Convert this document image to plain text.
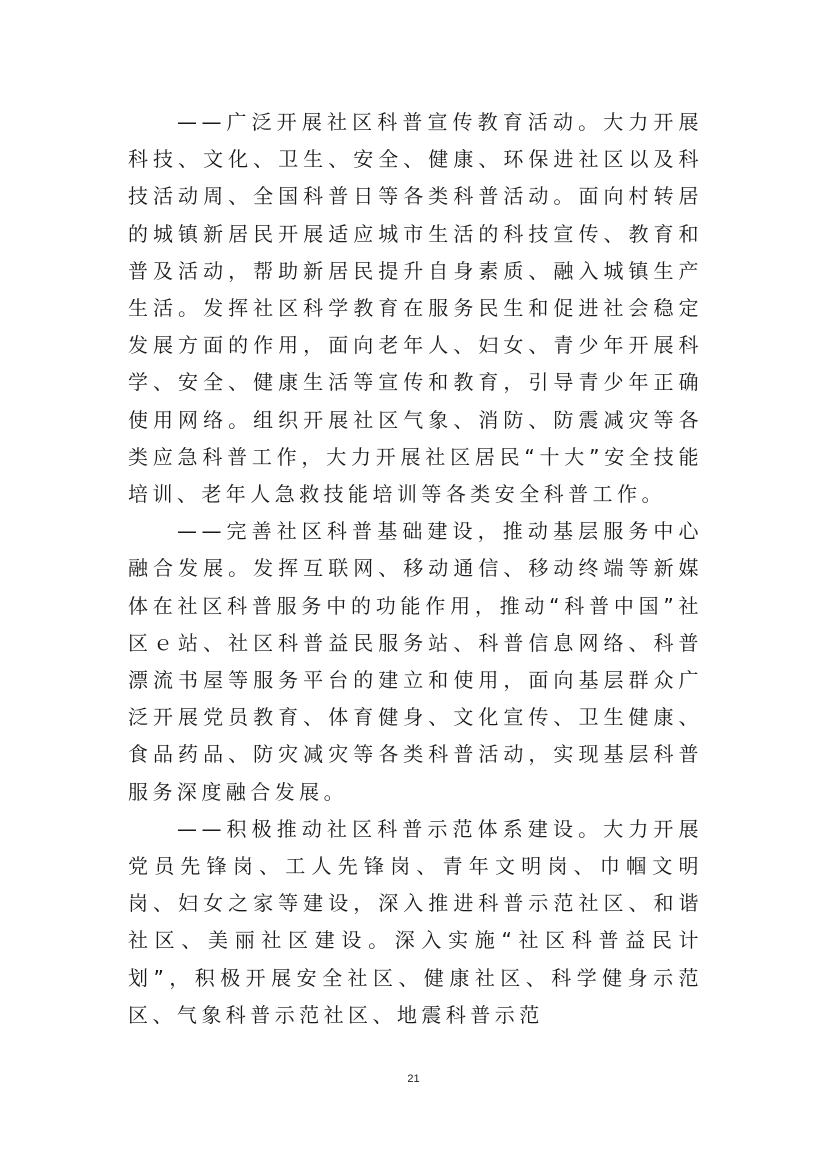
——广泛开展社区科普宣传教育活动。大力开展科技、文化、卫生、安全、健康、环保进社区以及科技活动周、全国科普日等各类科普活动。面向村转居的城镇新居民开展适应城市生活的科技宣传、教育和普及活动，帮助新居民提升自身素质、融入城镇生产生活。发挥社区科学教育在服务民生和促进社会稳定发展方面的作用，面向老年人、妇女、青少年开展科学、安全、健康生活等宣传和教育，引导青少年正确使用网络。组织开展社区气象、消防、防震减灾等各类应急科普工作，大力开展社区居民“十大”安全技能培训、老年人急救技能培训等各类安全科普工作。

——完善社区科普基础建设，推动基层服务中心融合发展。发挥互联网、移动通信、移动终端等新媒体在社区科普服务中的功能作用，推动“科普中国”社区ｅ站、社区科普益民服务站、科普信息网络、科普漂流书屋等服务平台的建立和使用，面向基层群众广泛开展党员教育、体育健身、文化宣传、卫生健康、食品药品、防灾减灾等各类科普活动，实现基层科普服务深度融合发展。

——积极推动社区科普示范体系建设。大力开展党员先锋岗、工人先锋岗、青年文明岗、巾帼文明岗、妇女之家等建设，深入推进科普示范社区、和谐社区、美丽社区建设。深入实施“社区科普益民计划”，积极开展安全社区、健康社区、科学健身示范区、气象科普示范社区、地震科普示范

21
